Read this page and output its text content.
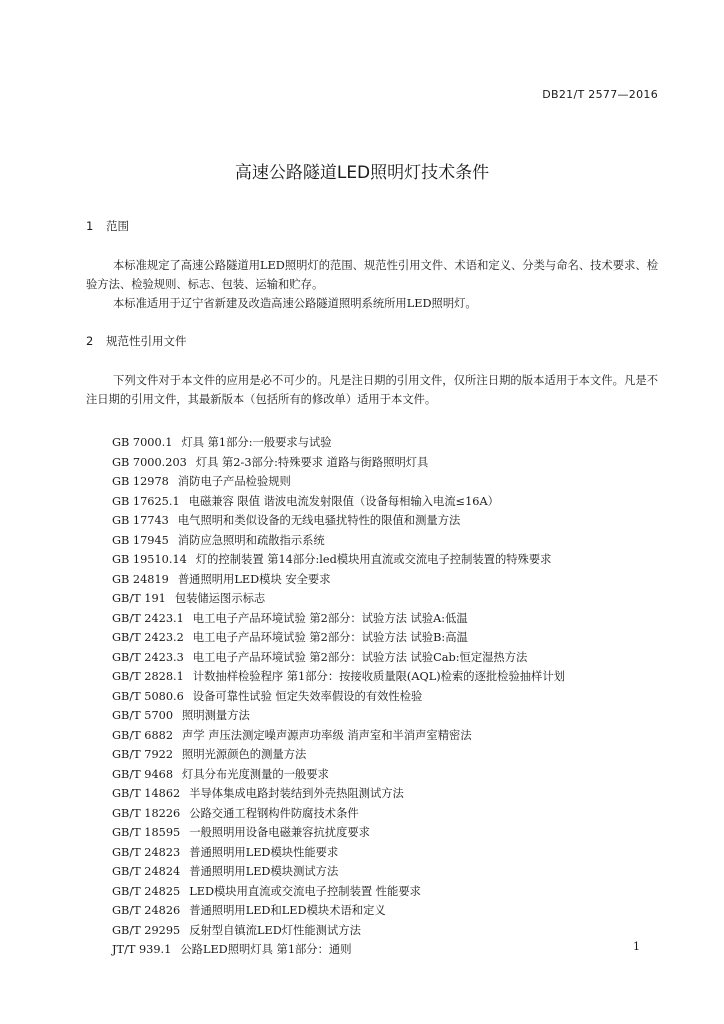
DB21/T 2577—2016
高速公路隧道LED照明灯技术条件
1 范围

本标准规定了高速公路隧道用LED照明灯的范围、规范性引用文件、术语和定义、分类与命名、技术要求、检验方法、检验规则、标志、包装、运输和贮存。

本标准适用于辽宁省新建及改造高速公路隧道照明系统所用LED照明灯。

2 规范性引用文件

下列文件对于本文件的应用是必不可少的。凡是注日期的引用文件，仅所注日期的版本适用于本文件。凡是不注日期的引用文件，其最新版本（包括所有的修改单）适用于本文件。

GB 7000.1 灯具 第1部分:一般要求与试验
GB 7000.203 灯具 第2-3部分:特殊要求 道路与街路照明灯具
GB 12978 消防电子产品检验规则
GB 17625.1 电磁兼容 限值 谐波电流发射限值（设备每相输入电流≤16A）
GB 17743 电气照明和类似设备的无线电骚扰特性的限值和测量方法
GB 17945 消防应急照明和疏散指示系统
GB 19510.14 灯的控制装置 第14部分:led模块用直流或交流电子控制装置的特殊要求
GB 24819 普通照明用LED模块 安全要求
GB/T 191 包装储运图示标志
GB/T 2423.1 电工电子产品环境试验 第2部分：试验方法 试验A:低温
GB/T 2423.2 电工电子产品环境试验 第2部分：试验方法 试验B:高温
GB/T 2423.3 电工电子产品环境试验 第2部分：试验方法 试验Cab:恒定湿热方法
GB/T 2828.1 计数抽样检验程序 第1部分：按接收质量限(AQL)检索的逐批检验抽样计划
GB/T 5080.6 设备可靠性试验 恒定失效率假设的有效性检验
GB/T 5700 照明测量方法
GB/T 6882 声学 声压法测定噪声源声功率级 消声室和半消声室精密法
GB/T 7922 照明光源颜色的测量方法
GB/T 9468 灯具分布光度测量的一般要求
GB/T 14862 半导体集成电路封装结到外壳热阻测试方法
GB/T 18226 公路交通工程钢构件防腐技术条件
GB/T 18595 一般照明用设备电磁兼容抗扰度要求
GB/T 24823 普通照明用LED模块性能要求
GB/T 24824 普通照明用LED模块测试方法
GB/T 24825 LED模块用直流或交流电子控制装置 性能要求
GB/T 24826 普通照明用LED和LED模块术语和定义
GB/T 29295 反射型自镇流LED灯性能测试方法
JT/T 939.1 公路LED照明灯具 第1部分：通则	1
